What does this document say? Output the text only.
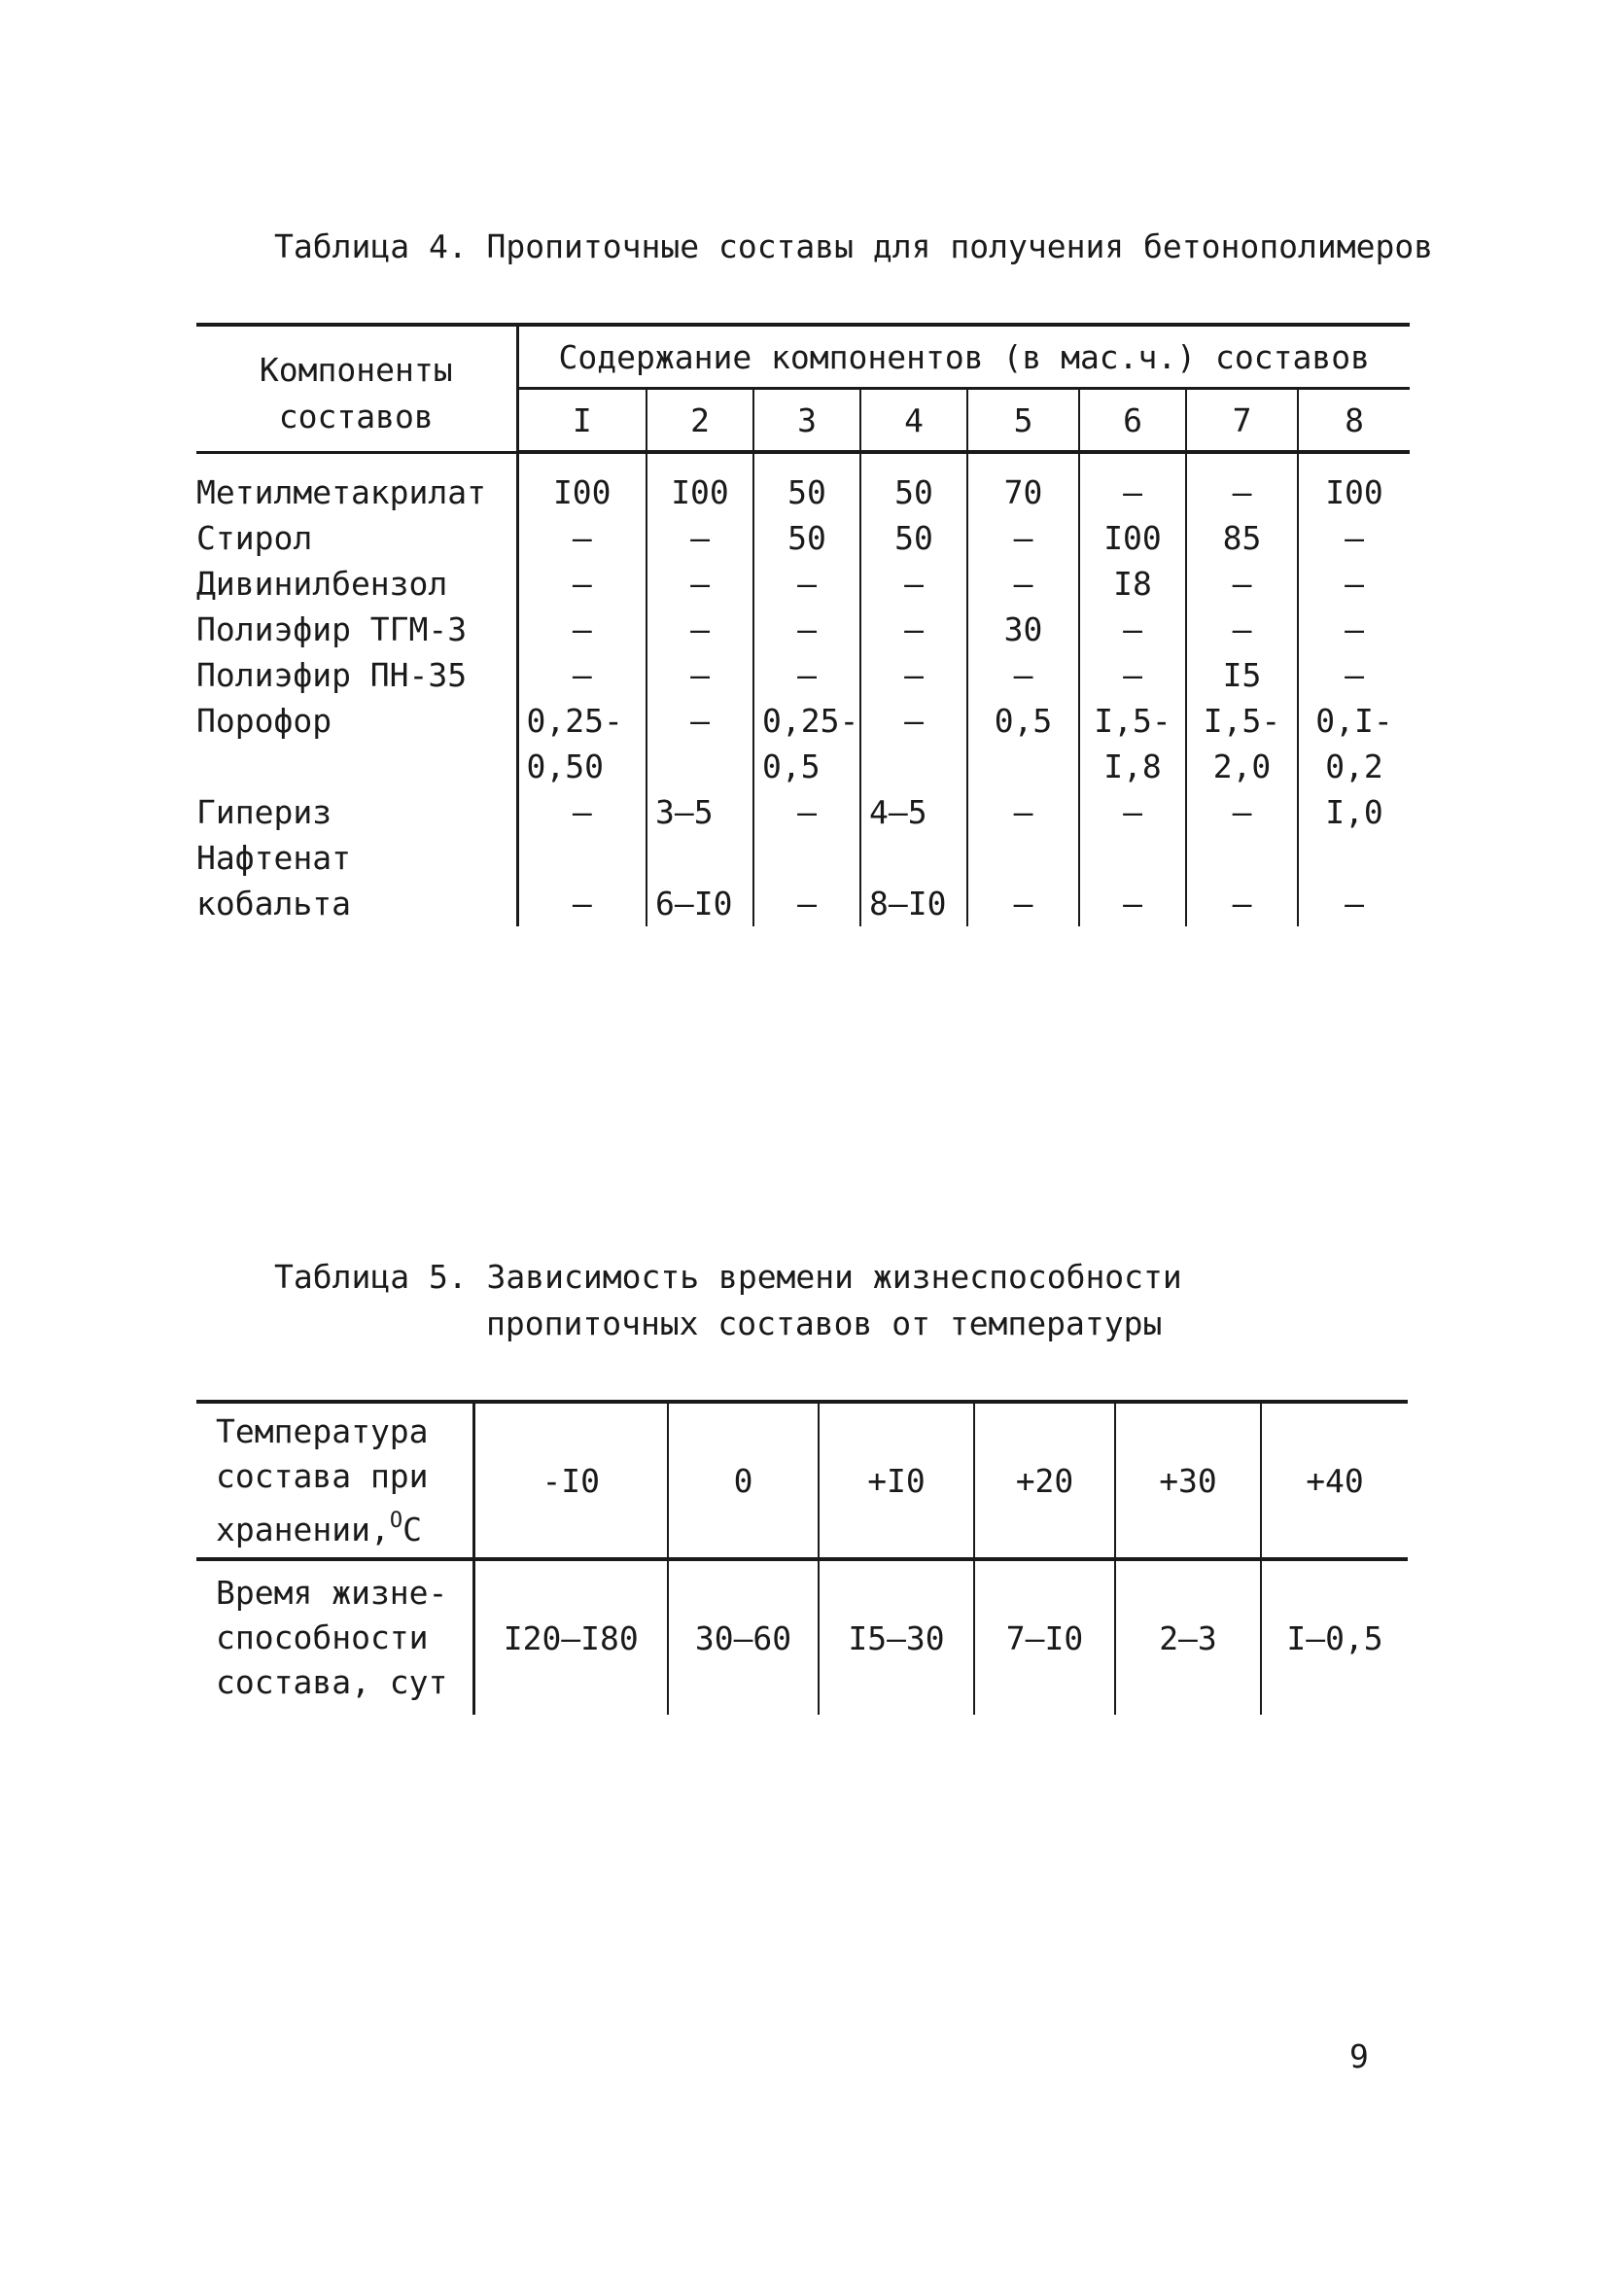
Таблица 4. Пропиточные составы для получения бетонополимеров

Компоненты
составов	Содержание компонентов (в мас.ч.) составов							
	I	2	3	4	5	6	7	8

Метилметакрилат	I00	I00	50	50	70	–	–	I00
Стирол	–	–	50	50	–	I00	85	–
Дивинилбензол	–	–	–	–	–	I8	–	–
Полиэфир ТГМ-3	–	–	–	–	30	–	–	–
Полиэфир ПН-35	–	–	–	–	–	–	I5	–
Порофор	0,25-	–	0,25-	–	0,5	I,5-	I,5-	0,I-
	0,50		0,5			I,8	2,0	0,2
Гипериз	–	3–5	–	4–5	–	–	–	I,0
Нафтенат								
кобальта	–	6–I0	–	8–I0	–	–	–	–
Таблица 5. Зависимость времени жизнеспособности
пропиточных составов от температуры
Температура
состава при
хранении,$^O$C	-I0	0	+I0	+20	+30	+40

Время жизне-
способности
состава, сут	I20–I80	30–60	I5–30	7–I0	2–3	I–0,5
9
